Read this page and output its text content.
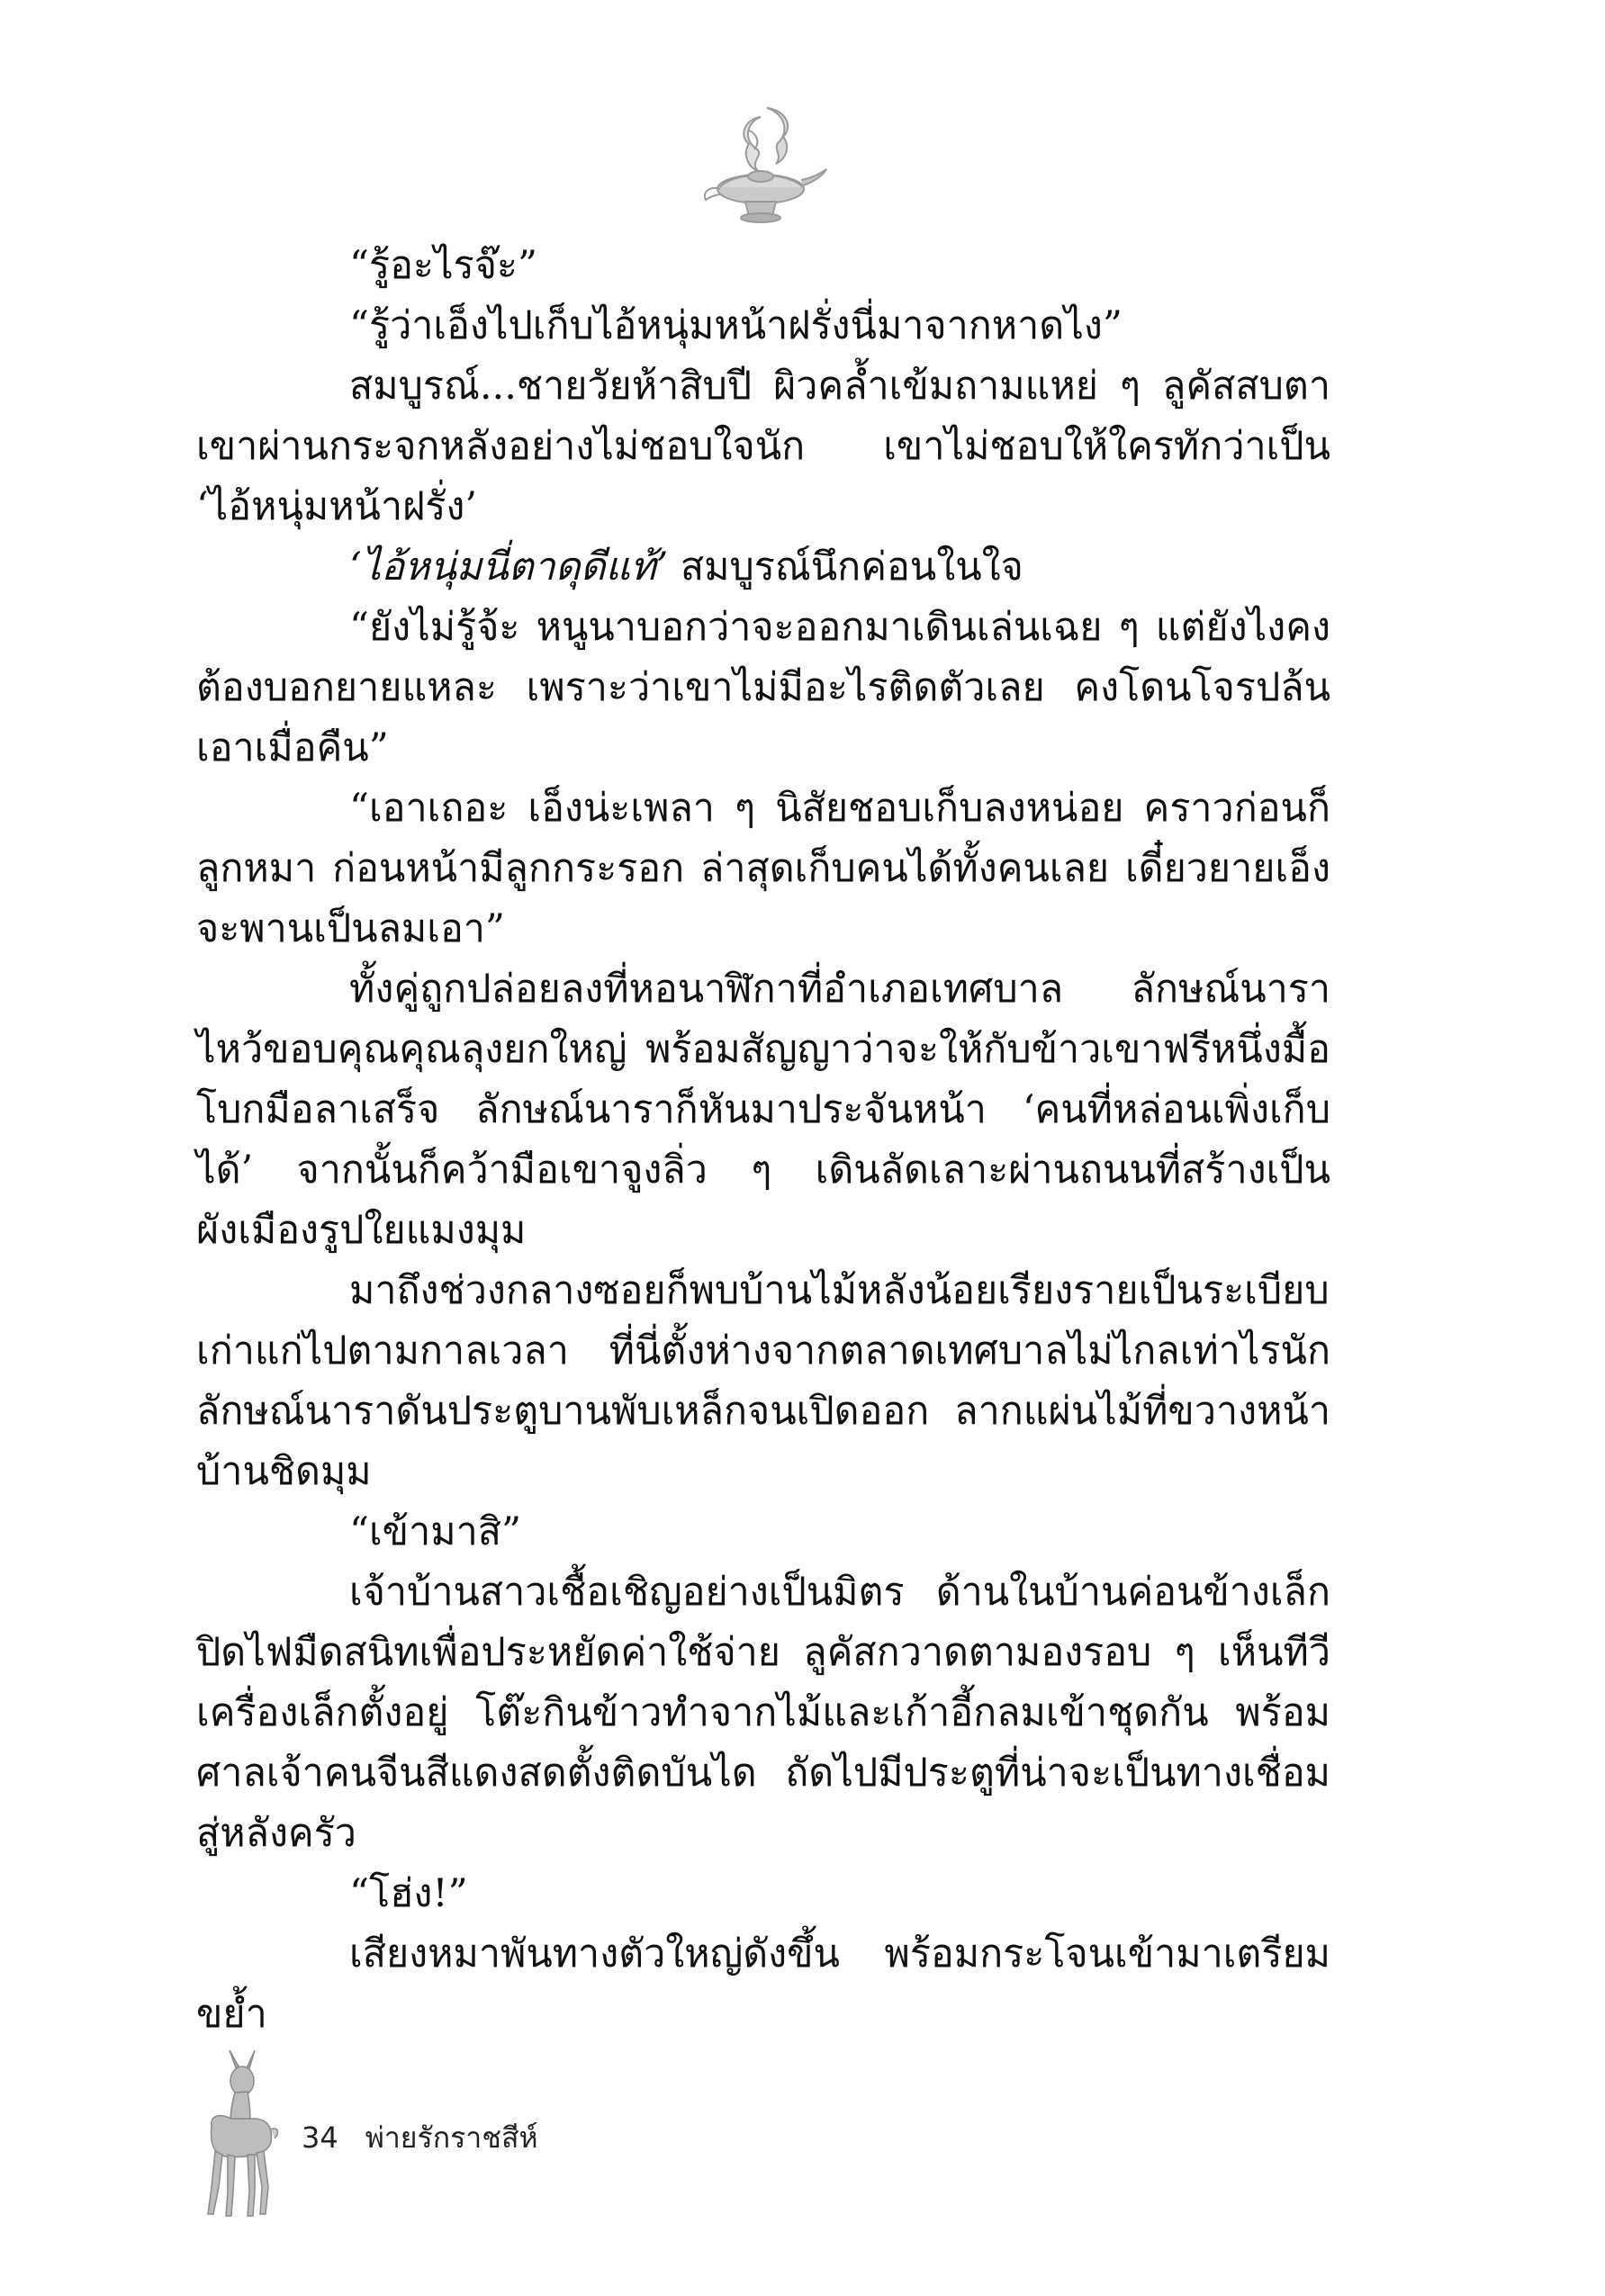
“รู้อะไรจ๊ะ”

“รู้ว่าเอ็งไปเก็บไอ้หนุ่มหน้าฝรั่งนี่มาจากหาดไง”

สมบูรณ์...ชายวัยห้าสิบปี ผิวคล้ำเข้มถามแหย่ ๆ ลูคัสสบตาเขาผ่านกระจกหลังอย่างไม่ชอบใจนัก เขาไม่ชอบให้ใครทักว่าเป็น ‘ไอ้หนุ่มหน้าฝรั่ง’

‘ไอ้หนุ่มนี่ตาดุดีแท้’ สมบูรณ์นึกค่อนในใจ

“ยังไม่รู้จ้ะ หนูนาบอกว่าจะออกมาเดินเล่นเฉย ๆ แต่ยังไงคงต้องบอกยายแหละ เพราะว่าเขาไม่มีอะไรติดตัวเลย คงโดนโจรปล้นเอาเมื่อคืน”

“เอาเถอะ เอ็งน่ะเพลา ๆ นิสัยชอบเก็บลงหน่อย คราวก่อนก็ลูกหมา ก่อนหน้ามีลูกกระรอก ล่าสุดเก็บคนได้ทั้งคนเลย เดี๋ยวยายเอ็งจะพานเป็นลมเอา”

ทั้งคู่ถูกปล่อยลงที่หอนาฬิกาที่อำเภอเทศบาล ลักษณ์นาราไหว้ขอบคุณคุณลุงยกใหญ่ พร้อมสัญญาว่าจะให้กับข้าวเขาฟรีหนึ่งมื้อโบกมือลาเสร็จ ลักษณ์นาราก็หันมาประจันหน้า ‘คนที่หล่อนเพิ่งเก็บได้’ จากนั้นก็คว้ามือเขาจูงลิ่ว ๆ เดินลัดเลาะผ่านถนนที่สร้างเป็นผังเมืองรูปใยแมงมุม

มาถึงช่วงกลางซอยก็พบบ้านไม้หลังน้อยเรียงรายเป็นระเบียบเก่าแก่ไปตามกาลเวลา ที่นี่ตั้งห่างจากตลาดเทศบาลไม่ไกลเท่าไรนักลักษณ์นาราดันประตูบานพับเหล็กจนเปิดออก ลากแผ่นไม้ที่ขวางหน้าบ้านชิดมุม

“เข้ามาสิ”

เจ้าบ้านสาวเชื้อเชิญอย่างเป็นมิตร ด้านในบ้านค่อนข้างเล็ก ปิดไฟมืดสนิทเพื่อประหยัดค่าใช้จ่าย ลูคัสกวาดตามองรอบ ๆ เห็นทีวีเครื่องเล็กตั้งอยู่ โต๊ะกินข้าวทำจากไม้และเก้าอี้กลมเข้าชุดกัน พร้อมศาลเจ้าคนจีนสีแดงสดตั้งติดบันได ถัดไปมีประตูที่น่าจะเป็นทางเชื่อมสู่หลังครัว

“โฮ่ง!”

เสียงหมาพันทางตัวใหญ่ดังขึ้น พร้อมกระโจนเข้ามาเตรียมขย้ำ

34 พ่ายรักราชสีห์
